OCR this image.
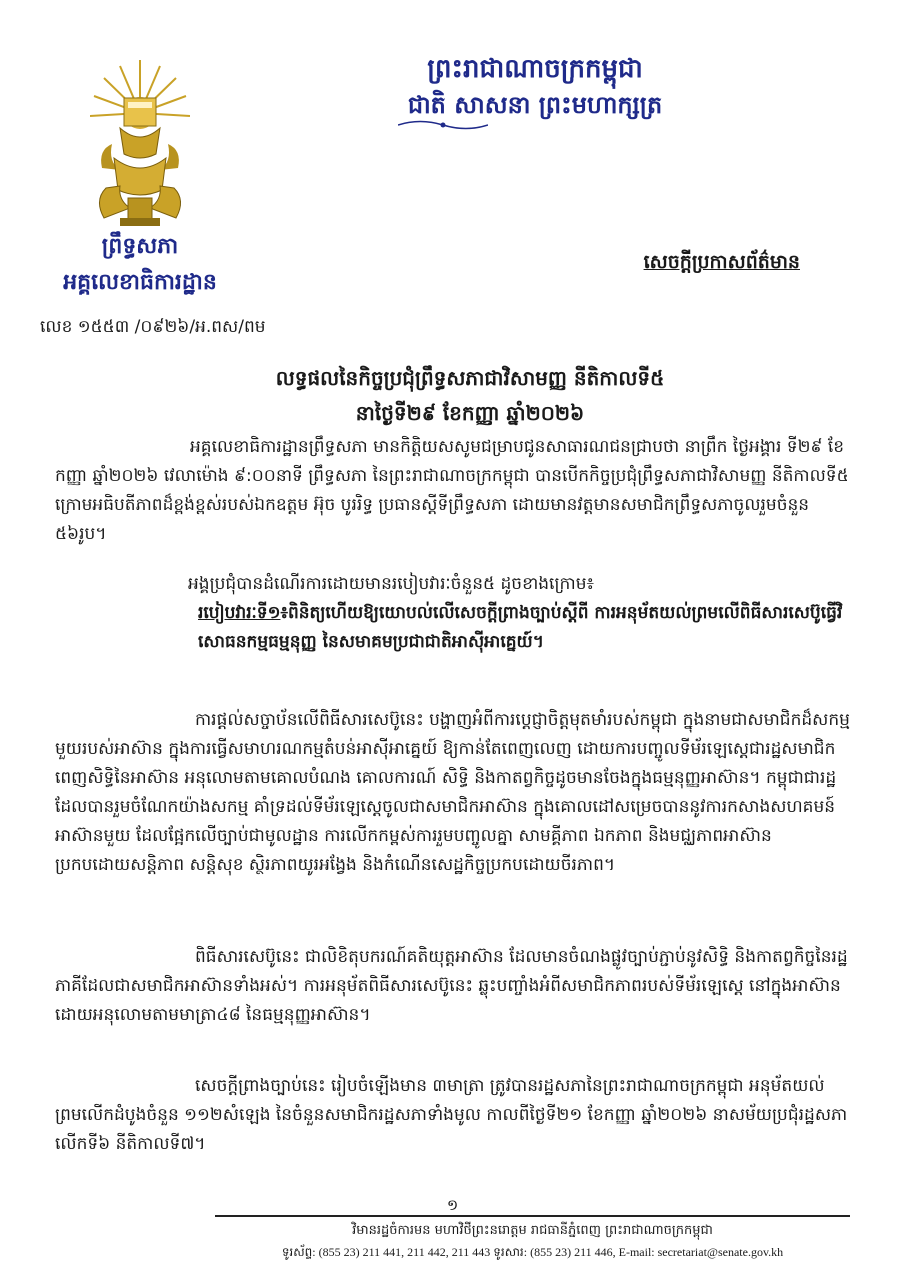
ព្រឹទ្ធសភា
អគ្គលេខាធិការដ្ឋាន
ព្រះរាជាណាចក្រកម្ពុជា
ជាតិ សាសនា ព្រះមហាក្សត្រ
សេចក្តីប្រកាសព័ត៌មាន
លេខ ១៥៥៣ /០៩២៦/អ.ពស/ពម
លទ្ធផលនៃកិច្ចប្រជុំព្រឹទ្ធសភាជាវិសាមញ្ញ នីតិកាលទី៥
នាថ្ងៃទី២៩ ខែកញ្ញា ឆ្នាំ២០២៦
អគ្គលេខាធិការដ្ឋានព្រឹទ្ធសភា មានកិត្តិយសសូមជម្រាបជូនសាធារណជនជ្រាបថា នាព្រឹក ថ្ងៃអង្គារ ទី២៩ ខែកញ្ញា ឆ្នាំ២០២៦ វេលាម៉ោង ៩:០០នាទី ព្រឹទ្ធសភា នៃព្រះរាជាណាចក្រកម្ពុជា បានបើកកិច្ចប្រជុំព្រឹទ្ធសភាជាវិសាមញ្ញ នីតិកាលទី៥ ក្រោមអធិបតីភាពដ៏ខ្ពង់ខ្ពស់របស់ឯកឧត្តម អ៊ុច បូររិទ្ធ ប្រធានស្តីទីព្រឹទ្ធសភា ដោយមានវត្តមានសមាជិកព្រឹទ្ធសភាចូលរួមចំនួន ៥៦រូប។
អង្គប្រជុំបានដំណើរការដោយមានរបៀបវារៈចំនួន៥ ដូចខាងក្រោម៖
របៀបវារៈទី១៖ពិនិត្យហើយឱ្យយោបល់លើសេចក្តីព្រាងច្បាប់ស្តីពី ការអនុម័តយល់ព្រមលើពិធីសារសេប៊ូធ្វើវិសោធនកម្មធម្មនុញ្ញ នៃសមាគមប្រជាជាតិអាស៊ីអាគ្នេយ៍។
ការផ្តល់សច្ចាប័នលើពិធីសារសេប៊ូនេះ បង្ហាញអំពីការប្តេជ្ញាចិត្តមុតមាំរបស់កម្ពុជា ក្នុងនាមជាសមាជិកដ៏សកម្មមួយរបស់អាស៊ាន ក្នុងការធ្វើសមាហរណកម្មតំបន់អាស៊ីអាគ្នេយ៍ ឱ្យកាន់តែពេញលេញ ដោយការបញ្ចូលទីម័រឡេស្តេជារដ្ឋសមាជិកពេញសិទ្ធិនៃអាស៊ាន អនុលោមតាមគោលបំណង គោលការណ៍ សិទ្ធិ និងកាតព្វកិច្ចដូចមានចែងក្នុងធម្មនុញ្ញអាស៊ាន។ កម្ពុជាជារដ្ឋដែលបានរួមចំណែកយ៉ាងសកម្ម គាំទ្រដល់ទីម័រឡេស្តេចូលជាសមាជិកអាស៊ាន ក្នុងគោលដៅសម្រេចបាននូវការកសាងសហគមន៍អាស៊ានមួយ ដែលផ្អែកលើច្បាប់ជាមូលដ្ឋាន ការលើកកម្ពស់ការរួមបញ្ចូលគ្នា សាមគ្គីភាព ឯកភាព និងមជ្ឈភាពអាស៊ាន ប្រកបដោយសន្តិភាព សន្តិសុខ ស្ថិរភាពយូរអង្វែង និងកំណើនសេដ្ឋកិច្ចប្រកបដោយចីរភាព។
ពិធីសារសេប៊ូនេះ ជាលិខិតុបករណ៍គតិយុត្តអាស៊ាន ដែលមានចំណងផ្លូវច្បាប់ភ្ជាប់នូវសិទ្ធិ និងកាតព្វកិច្ចនៃរដ្ឋភាគីដែលជាសមាជិកអាស៊ានទាំងអស់។ ការអនុម័តពិធីសារសេប៊ូនេះ ឆ្លុះបញ្ចាំងអំពីសមាជិកភាពរបស់ទីម័រឡេស្តេ នៅក្នុងអាស៊ានដោយអនុលោមតាមមាត្រា៤៨ នៃធម្មនុញ្ញអាស៊ាន។
សេចក្តីព្រាងច្បាប់នេះ រៀបចំឡើងមាន ៣មាត្រា ត្រូវបានរដ្ឋសភានៃព្រះរាជាណាចក្រកម្ពុជា អនុម័តយល់ព្រមលើកដំបូងចំនួន ១១២សំឡេង នៃចំនួនសមាជិករដ្ឋសភាទាំងមូល កាលពីថ្ងៃទី២១ ខែកញ្ញា ឆ្នាំ២០២៦ នាសម័យប្រជុំរដ្ឋសភាលើកទី៦ នីតិកាលទី៧។
១
វិមានរដ្ឋចំការមន មហាវិថីព្រះនរោត្តម រាជធានីភ្នំពេញ ព្រះរាជាណាចក្រកម្ពុជា
ទូរស័ព្ទ: (855 23) 211 441, 211 442, 211 443 ទូរសារ: (855 23) 211 446, E-mail: secretariat@senate.gov.kh
